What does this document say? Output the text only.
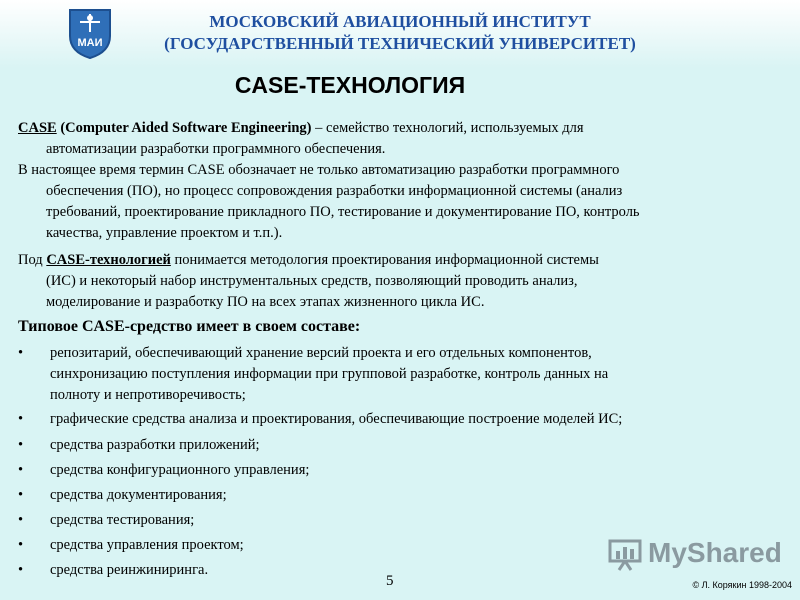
МАИ
МОСКОВСКИЙ АВИАЦИОННЫЙ ИНСТИТУТ
(ГОСУДАРСТВЕННЫЙ ТЕХНИЧЕСКИЙ УНИВЕРСИТЕТ)
CASE-ТЕХНОЛОГИЯ
CASE (Computer Aided Software Engineering) – семейство технологий, используемых для
автоматизации разработки программного обеспечения.
В настоящее время термин CASE обозначает не только автоматизацию разработки программного
обеспечения (ПО), но процесс сопровождения разработки информационной системы (анализ
требований, проектирование прикладного ПО, тестирование и документирование ПО, контроль
качества, управление проектом и т.п.).
Под CASE-технологией понимается методология проектирования информационной системы
(ИС) и некоторый набор инструментальных средств, позволяющий проводить анализ,
моделирование и разработку ПО на всех этапах жизненного цикла ИС.
Типовое CASE-средство имеет в своем составе:
•	репозитарий, обеспечивающий хранение версий проекта и его отдельных компонентов,
синхронизацию поступления информации при групповой разработке, контроль данных на
полноту и непротиворечивость;
•	графические средства анализа и проектирования, обеспечивающие построение моделей ИС;
•	средства разработки приложений;
•	средства конфигурационного управления;
•	средства документирования;
•	средства тестирования;
•	средства управления проектом;
•	средства реинжиниринга.
MyShared
5	© Л. Корякин 1998-2004
